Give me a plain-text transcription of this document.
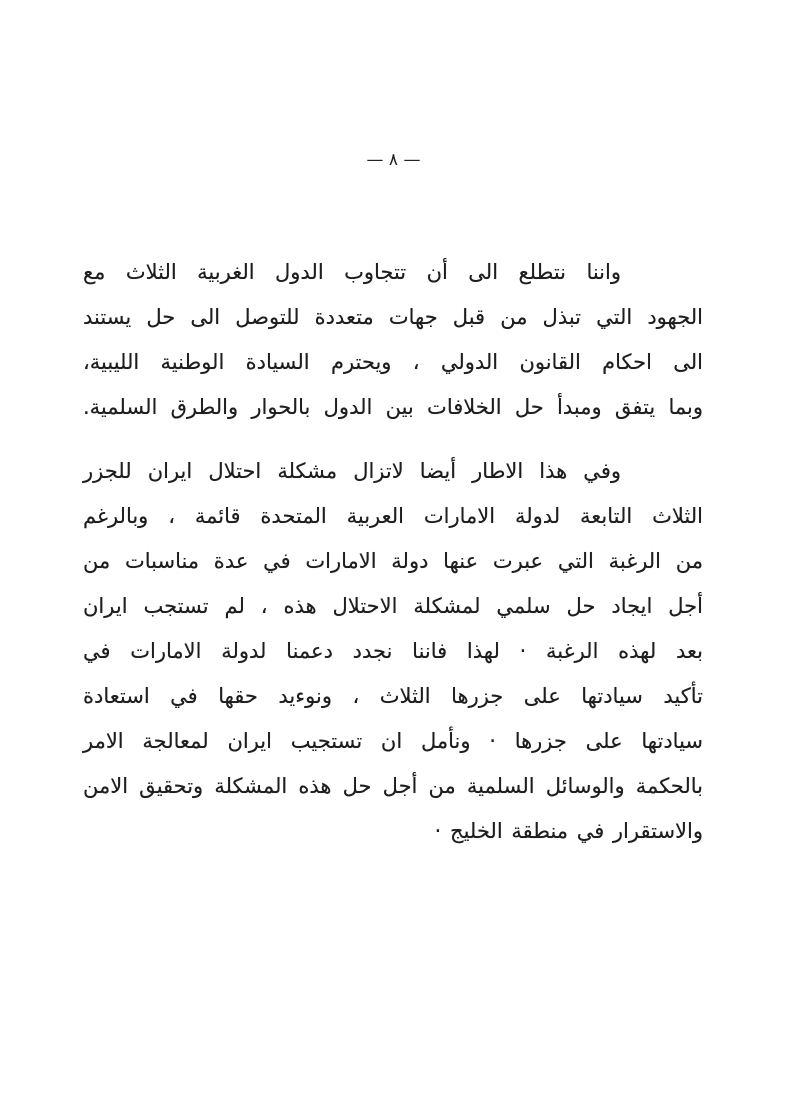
— ٨ —
واننا نتطلع الى أن تتجاوب الدول الغربية الثلاث مع
الجهود التي تبذل من قبل جهات متعددة للتوصل الى حل يستند
الى احكام القانون الدولي ، ويحترم السيادة الوطنية الليبية،
وبما يتفق ومبدأ حل الخلافات بين الدول بالحوار والطرق السلمية.
وفي هذا الاطار أيضا لاتزال مشكلة احتلال ايران للجزر
الثلاث التابعة لدولة الامارات العربية المتحدة قائمة ، وبالرغم
من الرغبة التي عبرت عنها دولة الامارات في عدة مناسبات من
أجل ايجاد حل سلمي لمشكلة الاحتلال هذه ، لم تستجب ايران
بعد لهذه الرغبة · لهذا فاننا نجدد دعمنا لدولة الامارات في
تأكيد سيادتها على جزرها الثلاث ، ونوءيد حقها في استعادة
سيادتها على جزرها · ونأمل ان تستجيب ايران لمعالجة الامر
بالحكمة والوسائل السلمية من أجل حل هذه المشكلة وتحقيق الامن
والاستقرار في منطقة الخليج ·
